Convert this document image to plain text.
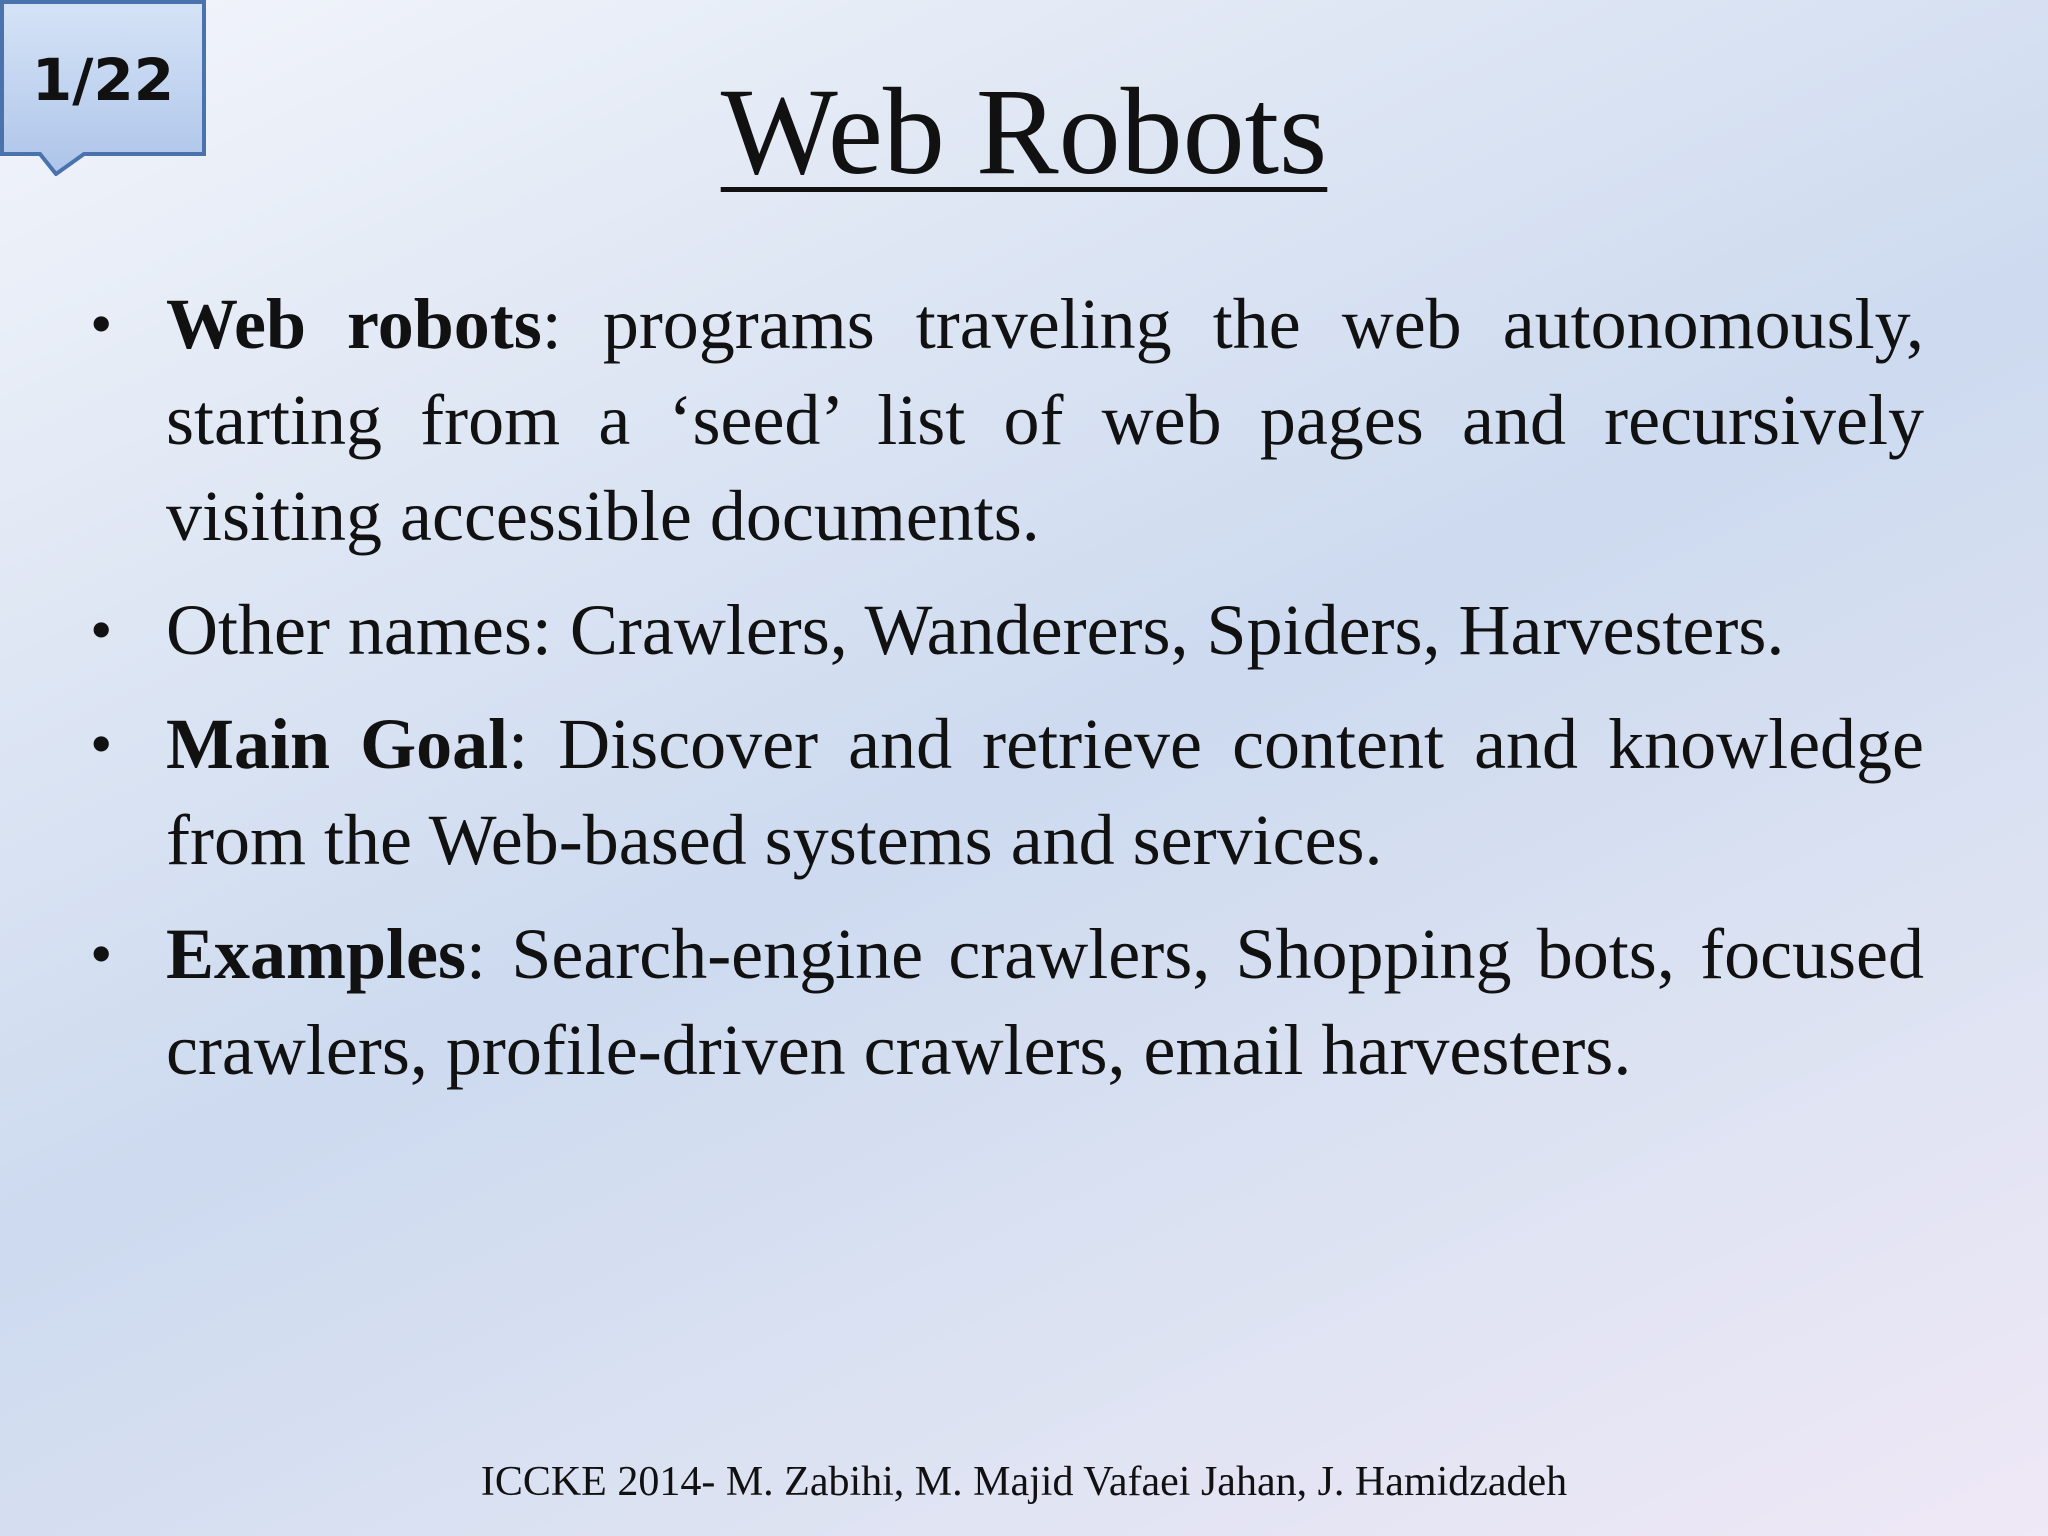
1/22	Web Robots
• Web robots: programs traveling the web autonomously, starting from a ‘seed’ list of web pages and recursively visiting accessible documents.
• Other names: Crawlers, Wanderers, Spiders, Harvesters.
• Main Goal: Discover and retrieve content and knowledge from the Web-based systems and services.
• Examples: Search-engine crawlers, Shopping bots, focused crawlers, profile-driven crawlers, email harvesters.
ICCKE 2014- M. Zabihi, M. Majid Vafaei Jahan, J. Hamidzadeh
